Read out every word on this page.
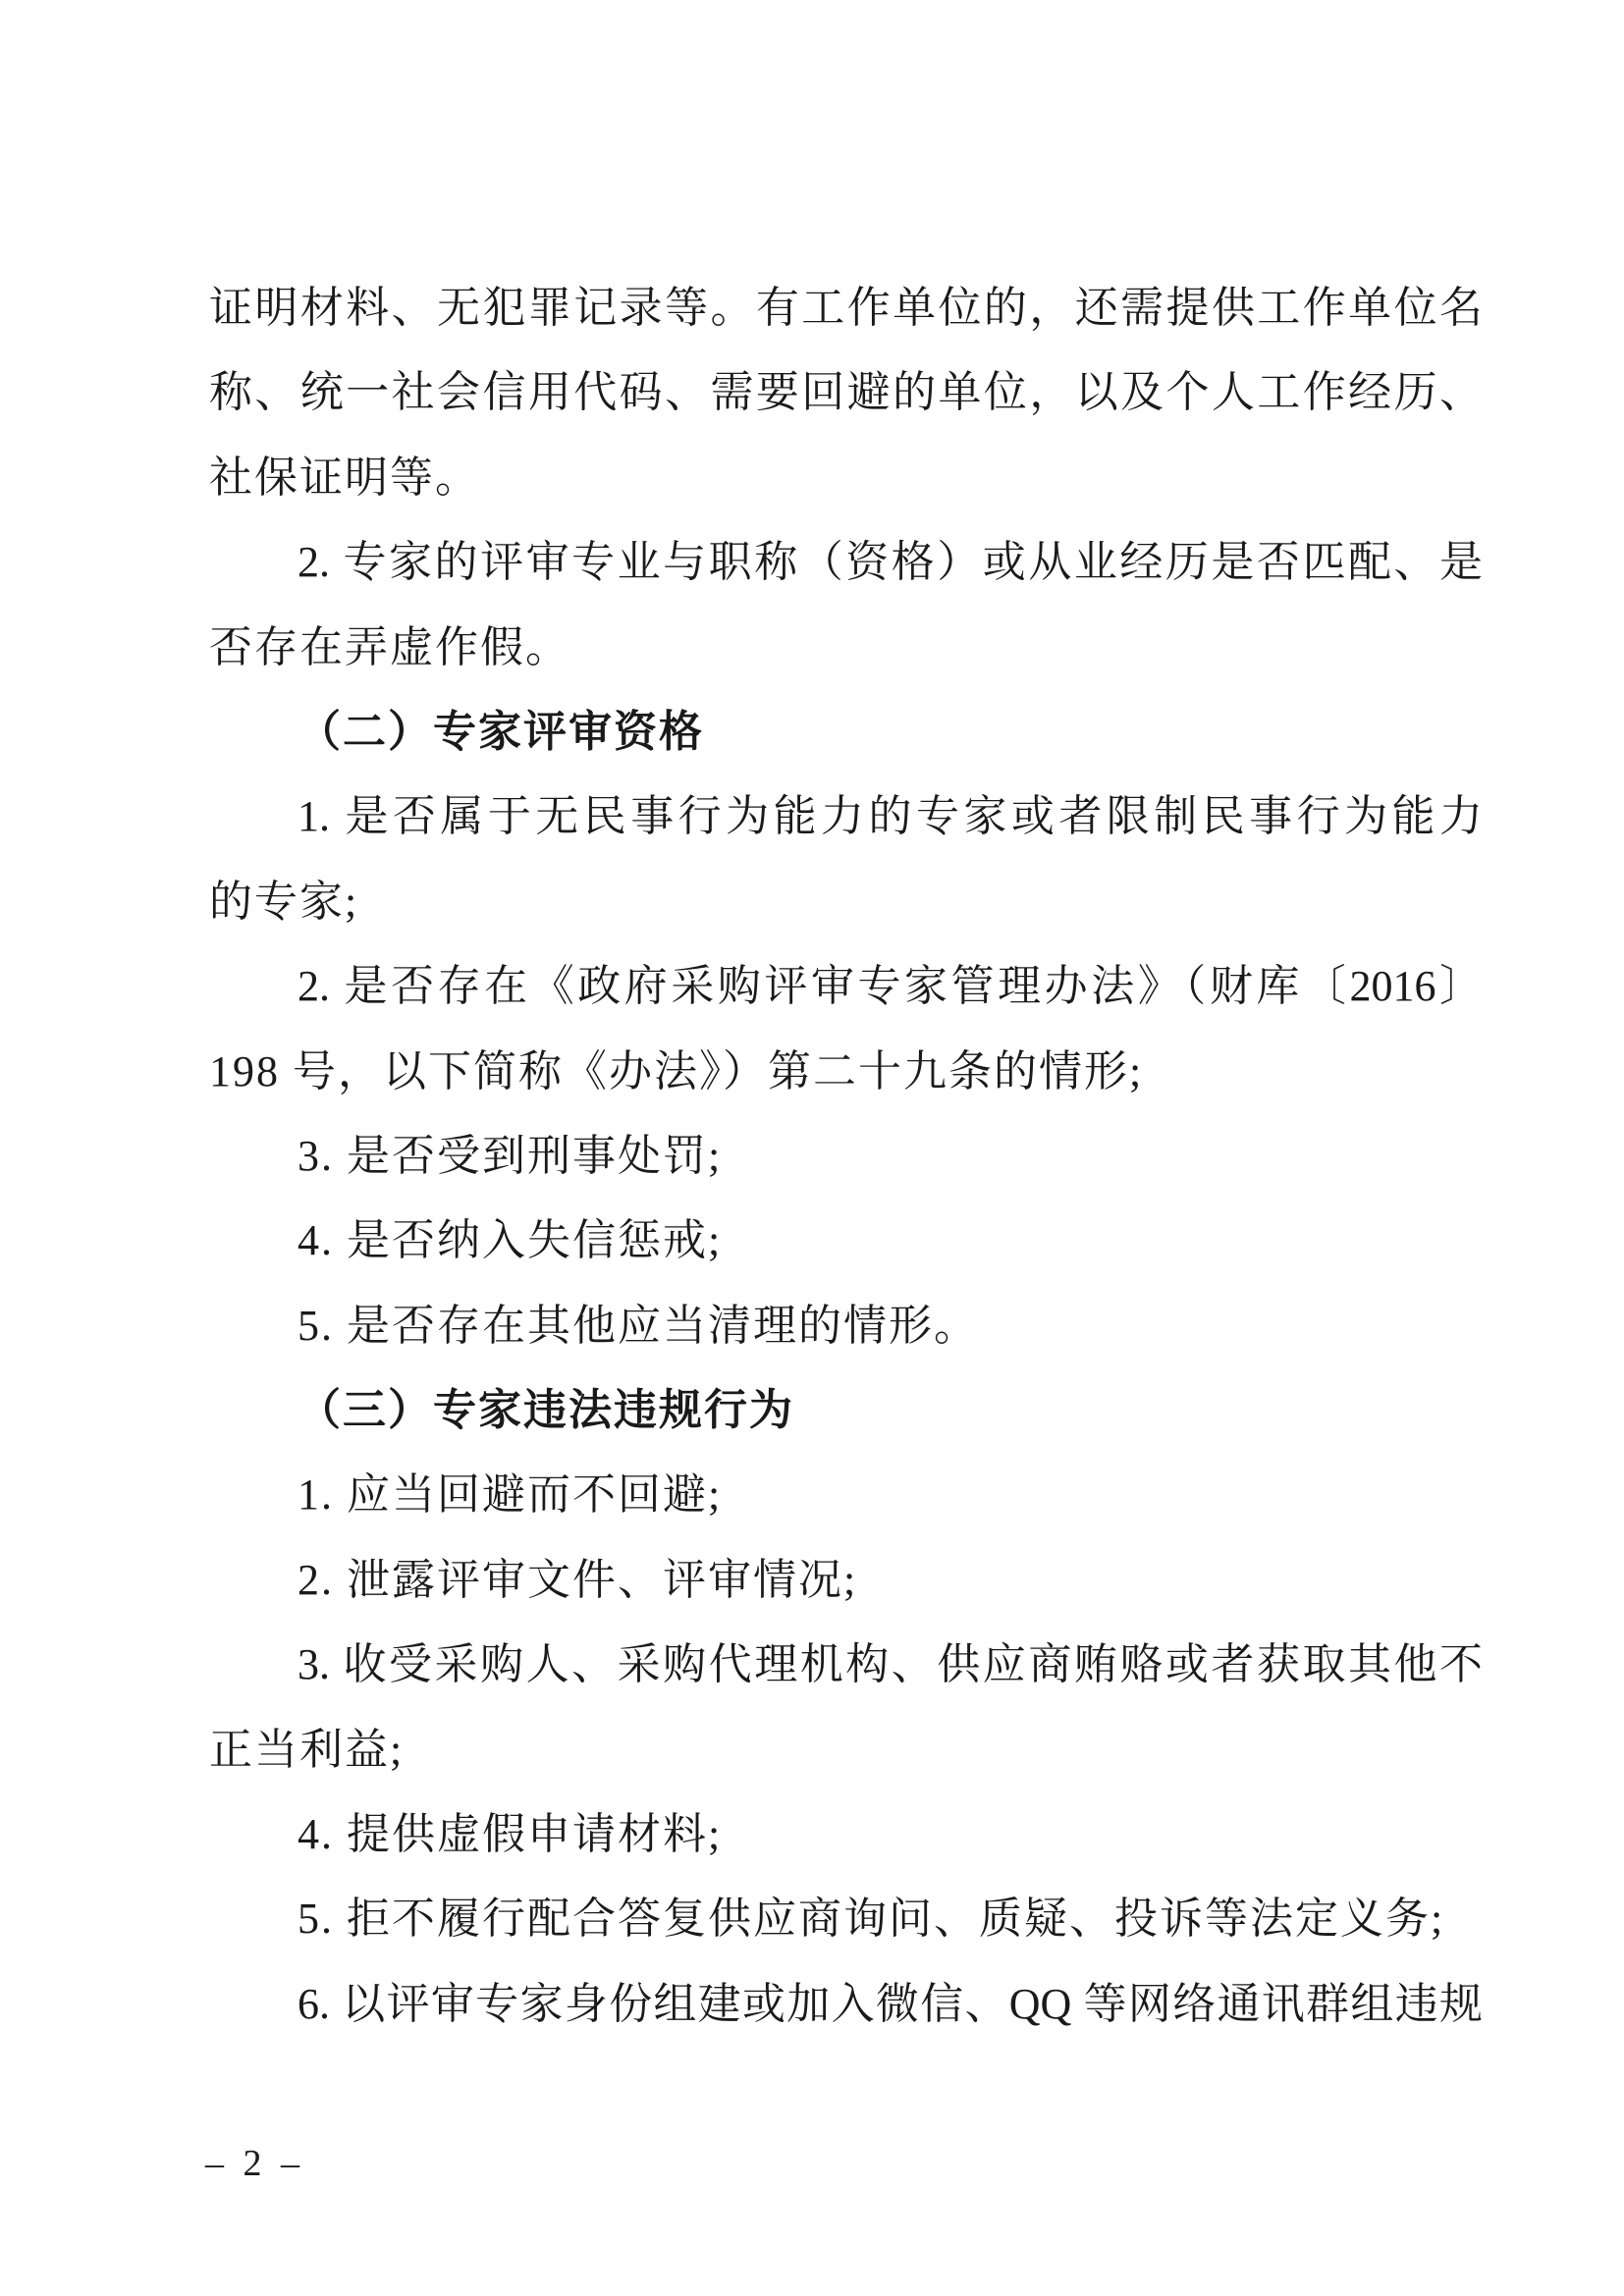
证明材料、无犯罪记录等。有工作单位的，还需提供工作单位名
称、统一社会信用代码、需要回避的单位，以及个人工作经历、
社保证明等。
2. 专家的评审专业与职称（资格）或从业经历是否匹配、是
否存在弄虚作假。
（二）专家评审资格
1. 是否属于无民事行为能力的专家或者限制民事行为能力
的专家;
2. 是否存在《政府采购评审专家管理办法》（财库〔2016〕
198 号，以下简称《办法》）第二十九条的情形;
3. 是否受到刑事处罚;
4. 是否纳入失信惩戒;
5. 是否存在其他应当清理的情形。
（三）专家违法违规行为
1. 应当回避而不回避;
2. 泄露评审文件、评审情况;
3. 收受采购人、采购代理机构、供应商贿赂或者获取其他不
正当利益;
4. 提供虚假申请材料;
5. 拒不履行配合答复供应商询问、质疑、投诉等法定义务;
6. 以评审专家身份组建或加入微信、QQ 等网络通讯群组违规
– 2 –
